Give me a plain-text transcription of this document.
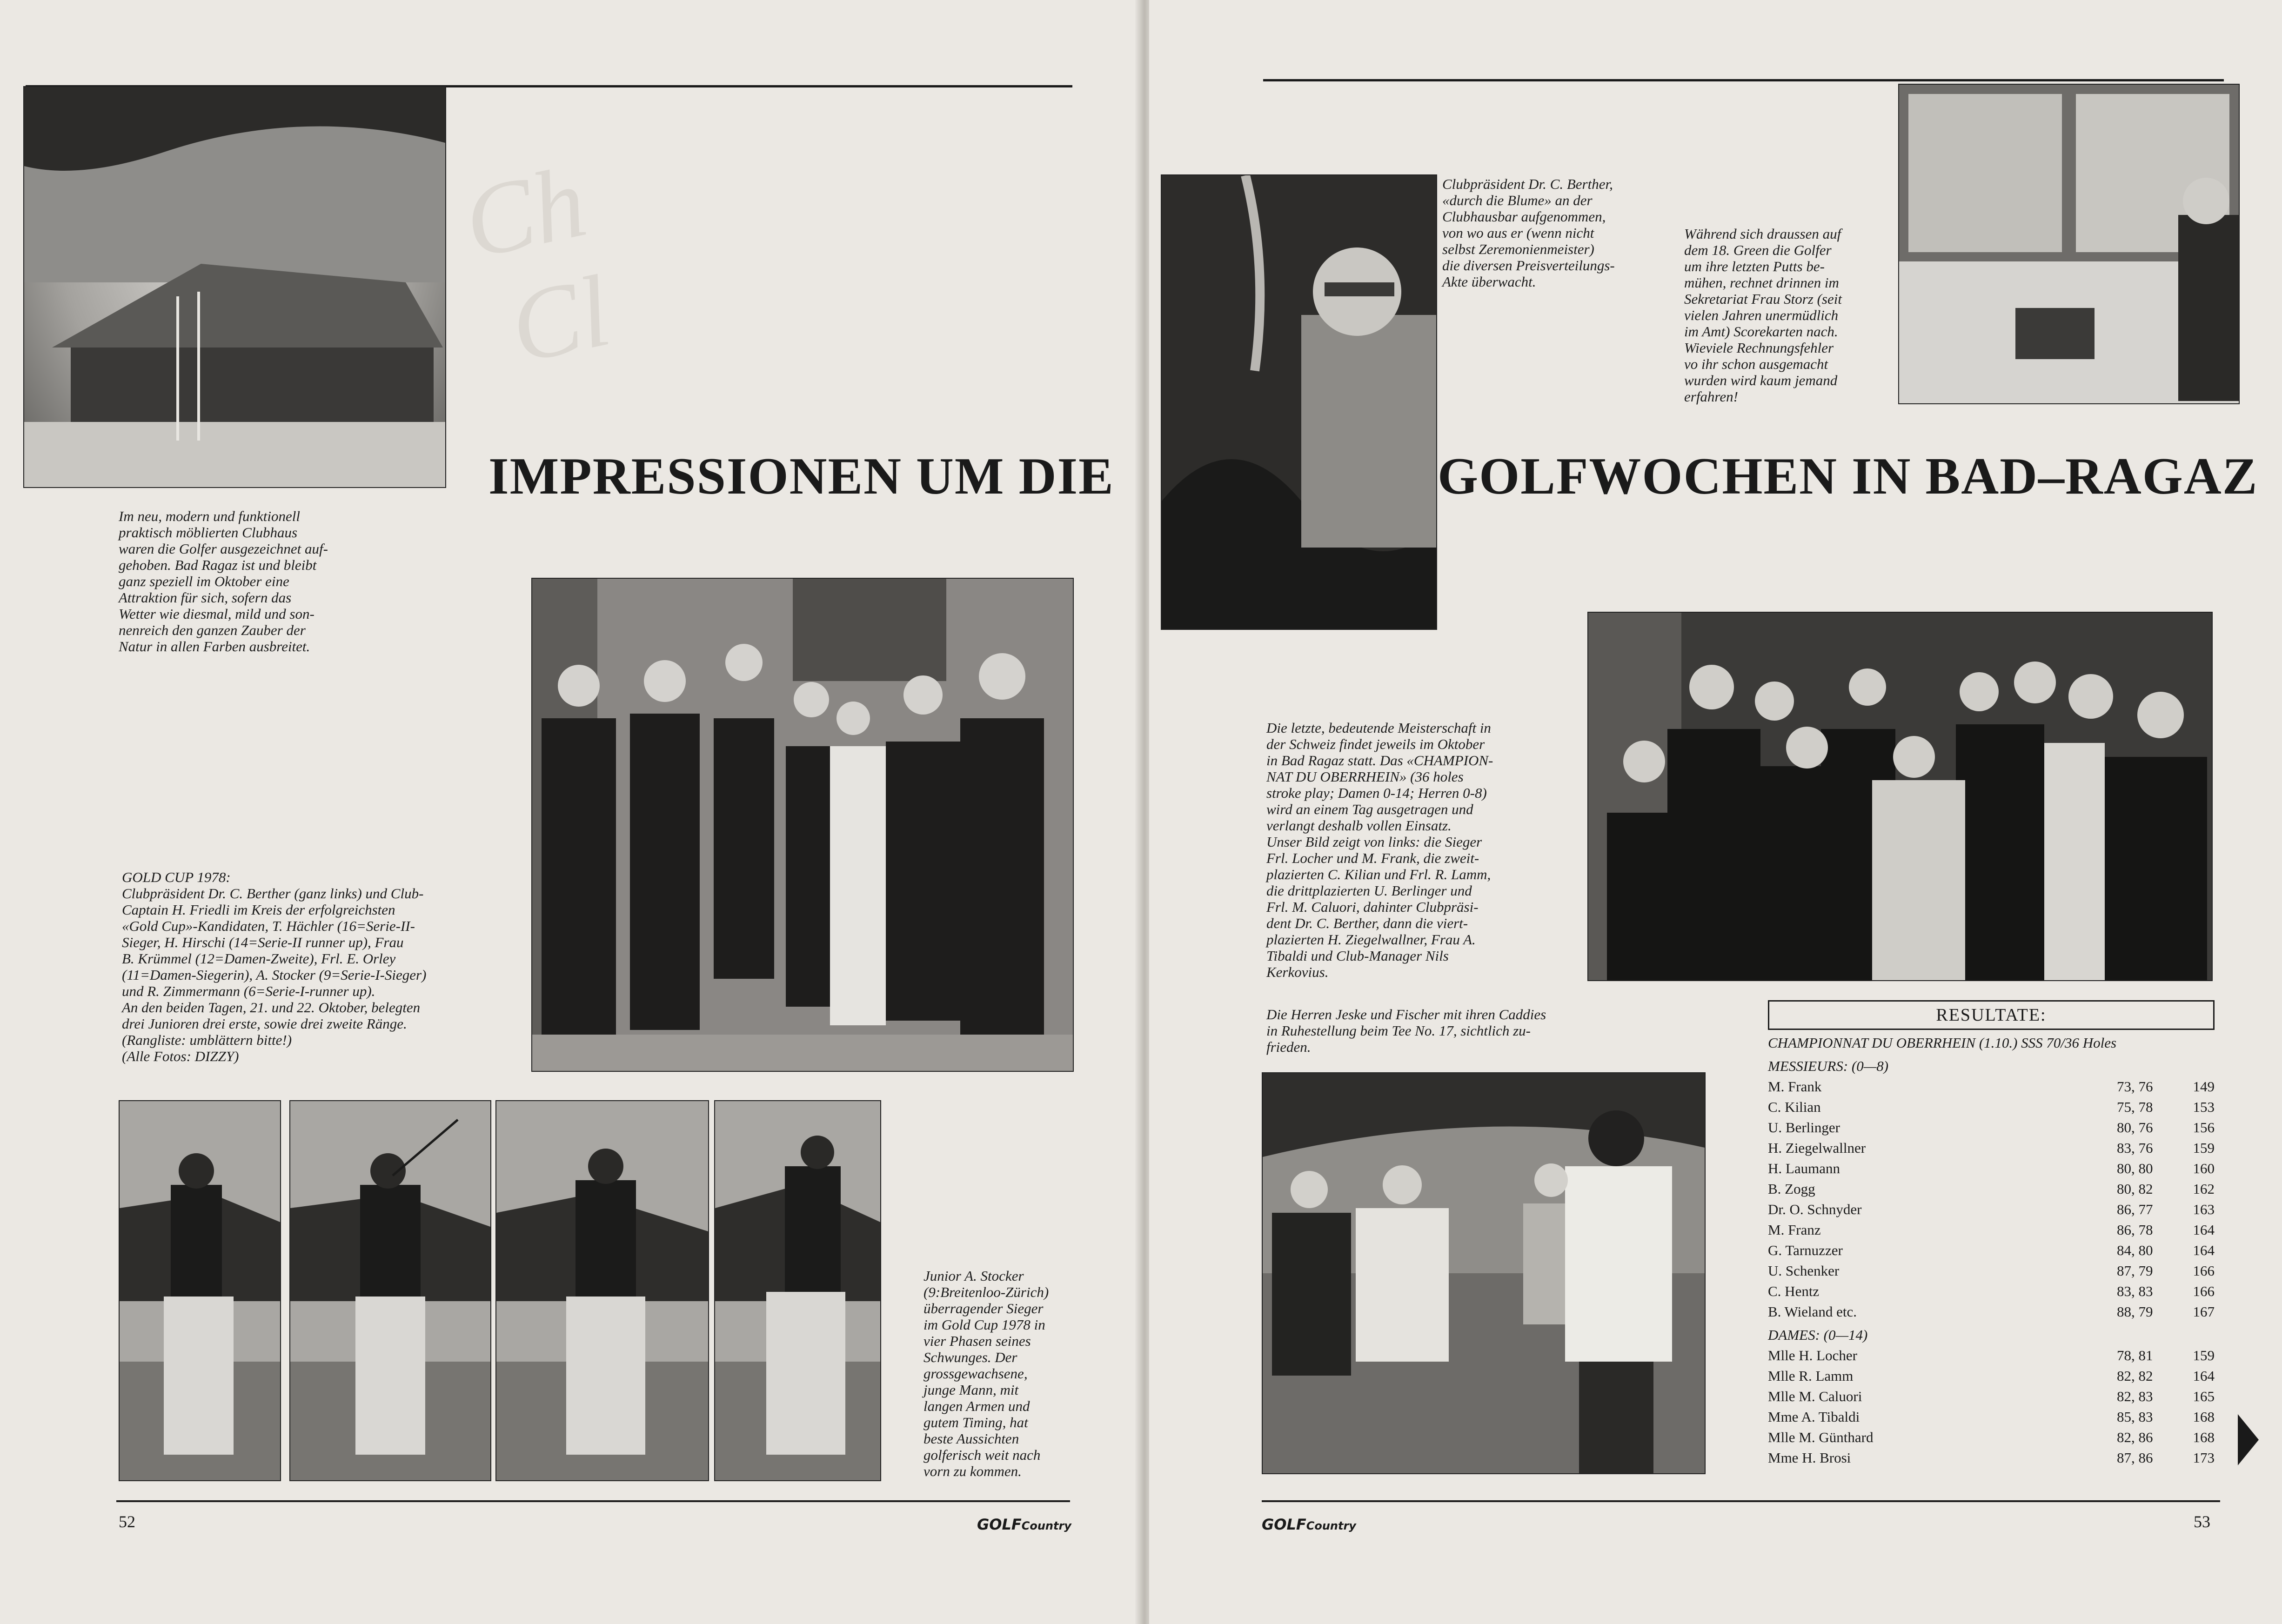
Ch
Cl
Im neu, modern und funktionell
praktisch möblierten Clubhaus
waren die Golfer ausgezeichnet auf-
gehoben. Bad Ragaz ist und bleibt
ganz speziell im Oktober eine
Attraktion für sich, sofern das
Wetter wie diesmal, mild und son-
nenreich den ganzen Zauber der
Natur in allen Farben ausbreitet.
IMPRESSIONEN UM DIE
GOLD CUP 1978:
Clubpräsident Dr. C. Berther (ganz links) und Club-
Captain H. Friedli im Kreis der erfolgreichsten
«Gold Cup»-Kandidaten, T. Hächler (16=Serie-II-
Sieger, H. Hirschi (14=Serie-II runner up), Frau
B. Krümmel (12=Damen-Zweite), Frl. E. Orley
(11=Damen-Siegerin), A. Stocker (9=Serie-I-Sieger)
und R. Zimmermann (6=Serie-I-runner up).
An den beiden Tagen, 21. und 22. Oktober, belegten
drei Junioren drei erste, sowie drei zweite Ränge.
(Rangliste: umblättern bitte!)
(Alle Fotos: DIZZY)
Junior A. Stocker
(9:Breitenloo-Zürich)
überragender Sieger
im Gold Cup 1978 in
vier Phasen seines
Schwunges. Der
grossgewachsene,
junge Mann, mit
langen Armen und
gutem Timing, hat
beste Aussichten
golferisch weit nach
vorn zu kommen.
52	GOLFCountry
Clubpräsident Dr. C. Berther,
«durch die Blume» an der
Clubhausbar aufgenommen,
von wo aus er (wenn nicht
selbst Zeremonienmeister)
die diversen Preisverteilungs-
Akte überwacht.
Während sich draussen auf
dem 18. Green die Golfer
um ihre letzten Putts be-
mühen, rechnet drinnen im
Sekretariat Frau Storz (seit
vielen Jahren unermüdlich
im Amt) Scorekarten nach.
Wieviele Rechnungsfehler
vo ihr schon ausgemacht
wurden wird kaum jemand
erfahren!
GOLFWOCHEN IN BAD–RAGAZ
Die letzte, bedeutende Meisterschaft in
der Schweiz findet jeweils im Oktober
in Bad Ragaz statt. Das «CHAMPION-
NAT DU OBERRHEIN» (36 holes
stroke play; Damen 0-14; Herren 0-8)
wird an einem Tag ausgetragen und
verlangt deshalb vollen Einsatz.
Unser Bild zeigt von links: die Sieger
Frl. Locher und M. Frank, die zweit-
plazierten C. Kilian und Frl. R. Lamm,
die drittplazierten U. Berlinger und
Frl. M. Caluori, dahinter Clubpräsi-
dent Dr. C. Berther, dann die viert-
plazierten H. Ziegelwallner, Frau A.
Tibaldi und Club-Manager Nils
Kerkovius.
Die Herren Jeske und Fischer mit ihren Caddies
in Ruhestellung beim Tee No. 17, sichtlich zu-
frieden.
RESULTATE:
CHAMPIONNAT DU OBERRHEIN (1.10.) SSS 70/36 Holes
MESSIEURS: (0—8)
M. Frank	73, 76	149
C. Kilian	75, 78	153
U. Berlinger	80, 76	156
H. Ziegelwallner	83, 76	159
H. Laumann	80, 80	160
B. Zogg	80, 82	162
Dr. O. Schnyder	86, 77	163
M. Franz	86, 78	164
G. Tarnuzzer	84, 80	164
U. Schenker	87, 79	166
C. Hentz	83, 83	166
B. Wieland etc.	88, 79	167
DAMES: (0—14)
Mlle H. Locher	78, 81	159
Mlle R. Lamm	82, 82	164
Mlle M. Caluori	82, 83	165
Mme A. Tibaldi	85, 83	168
Mlle M. Günthard	82, 86	168
Mme H. Brosi	87, 86	173
GOLFCountry	53
